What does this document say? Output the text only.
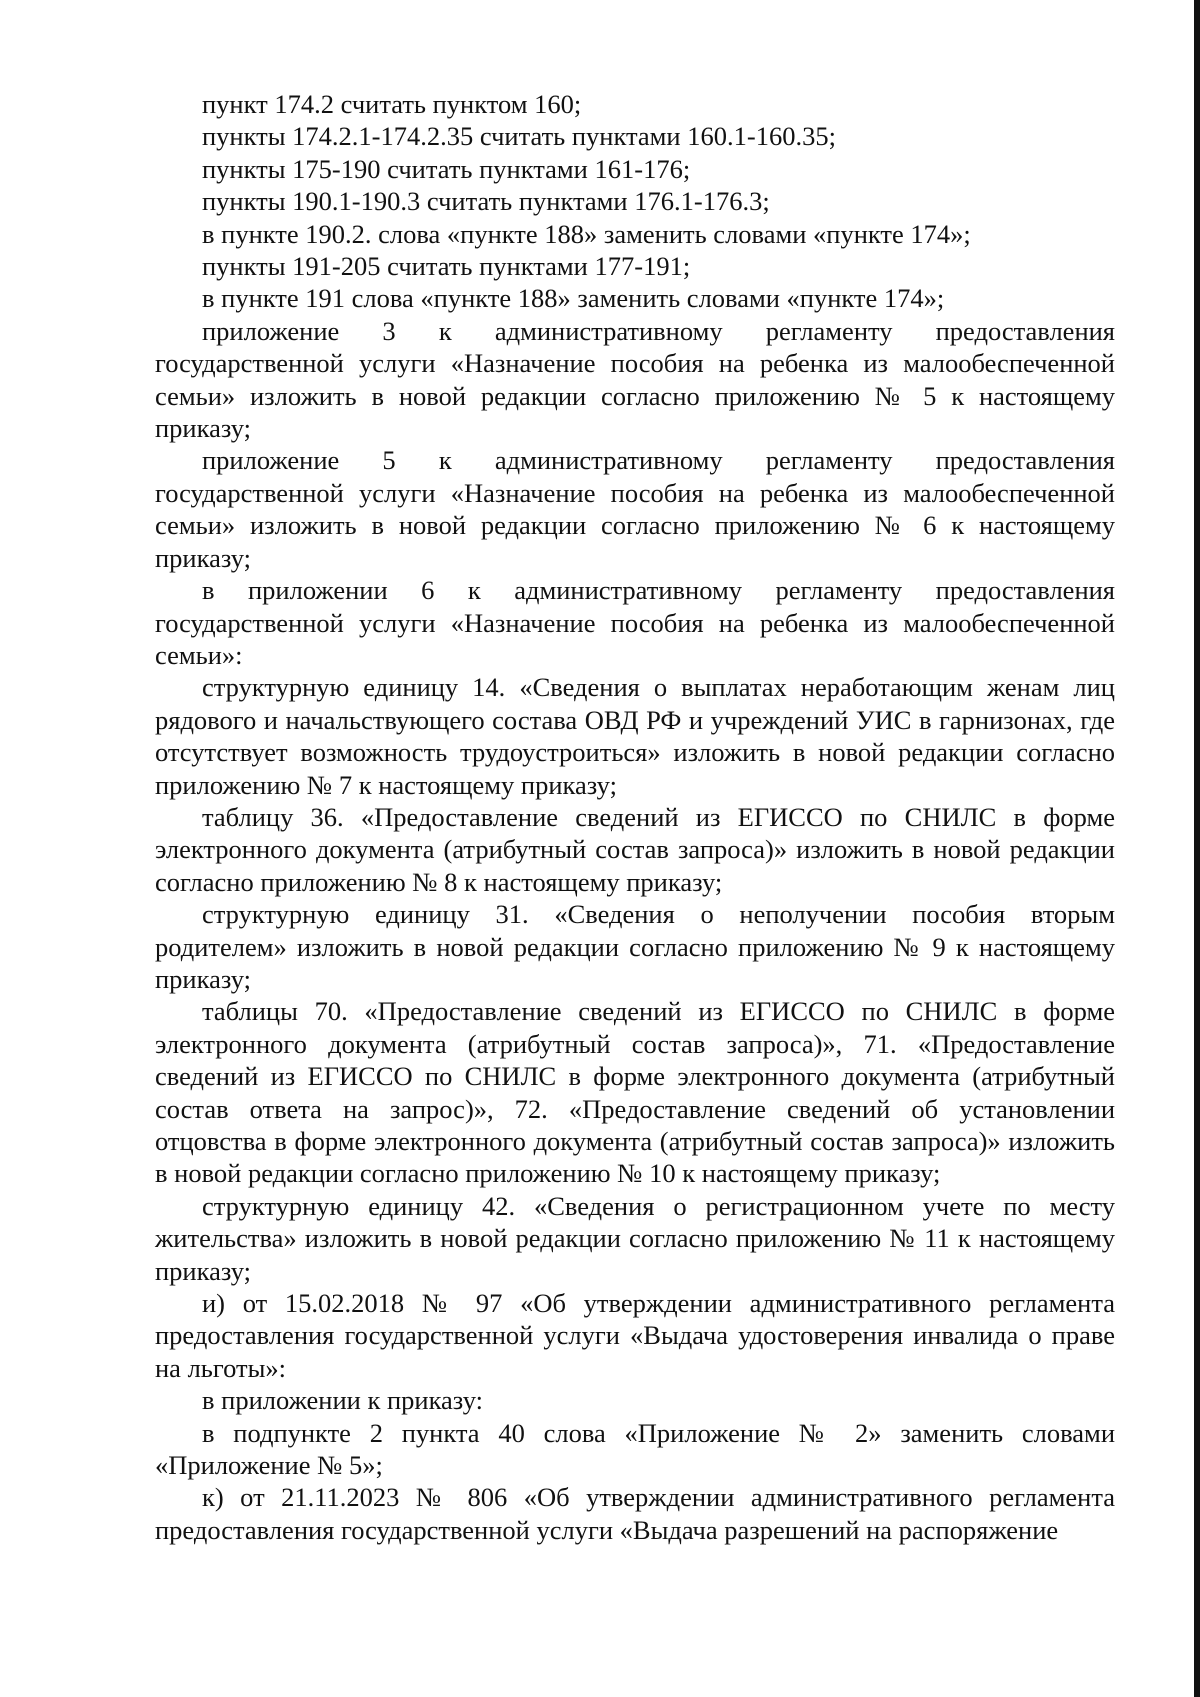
пункт 174.2 считать пунктом 160;

пункты 174.2.1-174.2.35 считать пунктами 160.1-160.35;

пункты 175-190 считать пунктами 161-176;

пункты 190.1-190.3 считать пунктами 176.1-176.3;

в пункте 190.2. слова «пункте 188» заменить словами «пункте 174»;

пункты 191-205 считать пунктами 177-191;

в пункте 191 слова «пункте 188» заменить словами «пункте 174»;

приложение 3 к административному регламенту предоставления государственной услуги «Назначение пособия на ребенка из малообеспеченной семьи» изложить в новой редакции согласно приложению № 5 к настоящему приказу;

приложение 5 к административному регламенту предоставления государственной услуги «Назначение пособия на ребенка из малообеспеченной семьи» изложить в новой редакции согласно приложению № 6 к настоящему приказу;

в приложении 6 к административному регламенту предоставления государственной услуги «Назначение пособия на ребенка из малообеспеченной семьи»:

структурную единицу 14. «Сведения о выплатах неработающим женам лиц рядового и начальствующего состава ОВД РФ и учреждений УИС в гарнизонах, где отсутствует возможность трудоустроиться» изложить в новой редакции согласно приложению № 7 к настоящему приказу;

таблицу 36. «Предоставление сведений из ЕГИССО по СНИЛС в форме электронного документа (атрибутный состав запроса)» изложить в новой редакции согласно приложению № 8 к настоящему приказу;

структурную единицу 31. «Сведения о неполучении пособия вторым родителем» изложить в новой редакции согласно приложению № 9 к настоящему приказу;

таблицы 70. «Предоставление сведений из ЕГИССО по СНИЛС в форме электронного документа (атрибутный состав запроса)», 71. «Предоставление сведений из ЕГИССО по СНИЛС в форме электронного документа (атрибутный состав ответа на запрос)», 72. «Предоставление сведений об установлении отцовства в форме электронного документа (атрибутный состав запроса)» изложить в новой редакции согласно приложению № 10 к настоящему приказу;

структурную единицу 42. «Сведения о регистрационном учете по месту жительства» изложить в новой редакции согласно приложению № 11 к настоящему приказу;

и) от 15.02.2018 № 97 «Об утверждении административного регламента предоставления государственной услуги «Выдача удостоверения инвалида о праве на льготы»:

в приложении к приказу:

в подпункте 2 пункта 40 слова «Приложение № 2» заменить словами «Приложение № 5»;

к) от 21.11.2023 № 806 «Об утверждении административного регламента предоставления государственной услуги «Выдача разрешений на распоряжение
